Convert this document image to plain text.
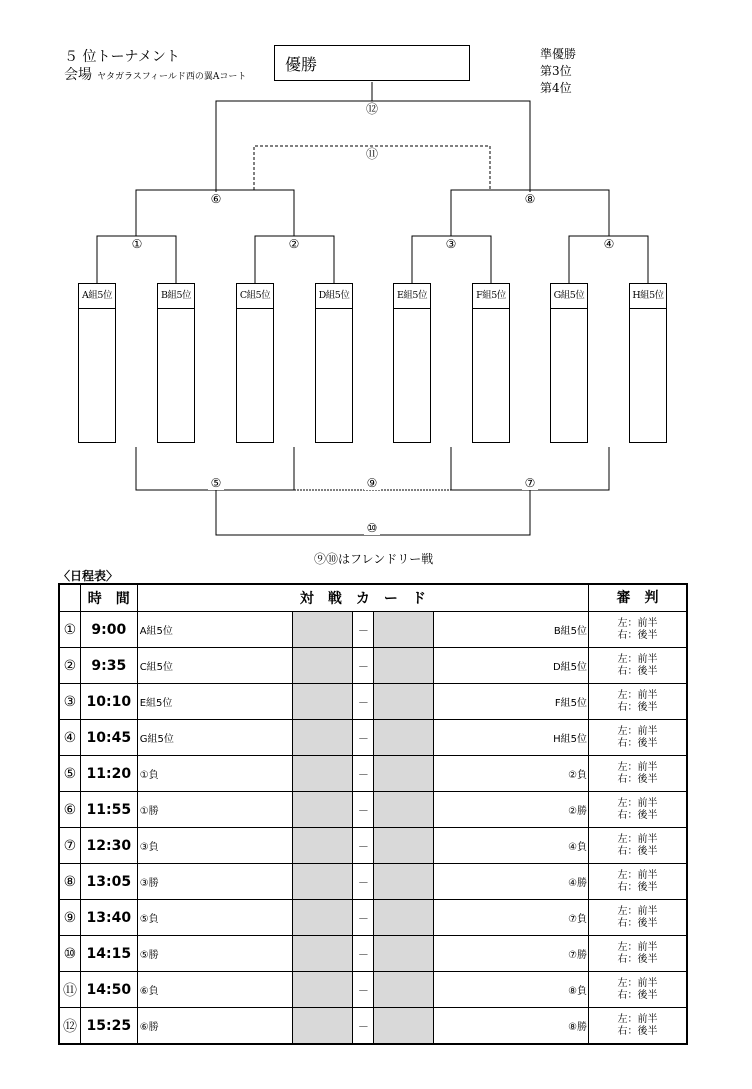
５ 位トーナメント
会場 ヤタガラスフィールド西の翼Aコート
優勝
準優勝
第3位
第4位
A組5位	B組5位	C組5位	D組5位	E組5位	F組5位	G組5位	H組5位
⑫
⑪
⑥	⑧
①	②	③	④
⑤	⑨	⑦
⑩
⑨⑩はフレンドリー戦
〈日程表〉
	時　間	対　戦　カ　ー　ド					審　判
①	9:00	A組5位		－		B組5位	左：前半
右：後半

②	9:35	C組5位		－		D組5位	左：前半
右：後半

③	10:10	E組5位		－		F組5位	左：前半
右：後半

④	10:45	G組5位		－		H組5位	左：前半
右：後半

⑤	11:20	①負		－		②負	左：前半
右：後半

⑥	11:55	①勝		－		②勝	左：前半
右：後半

⑦	12:30	③負		－		④負	左：前半
右：後半

⑧	13:05	③勝		－		④勝	左：前半
右：後半

⑨	13:40	⑤負		－		⑦負	左：前半
右：後半

⑩	14:15	⑤勝		－		⑦勝	左：前半
右：後半

⑪	14:50	⑥負		－		⑧負	左：前半
右：後半

⑫	15:25	⑥勝		－		⑧勝	左：前半
右：後半
